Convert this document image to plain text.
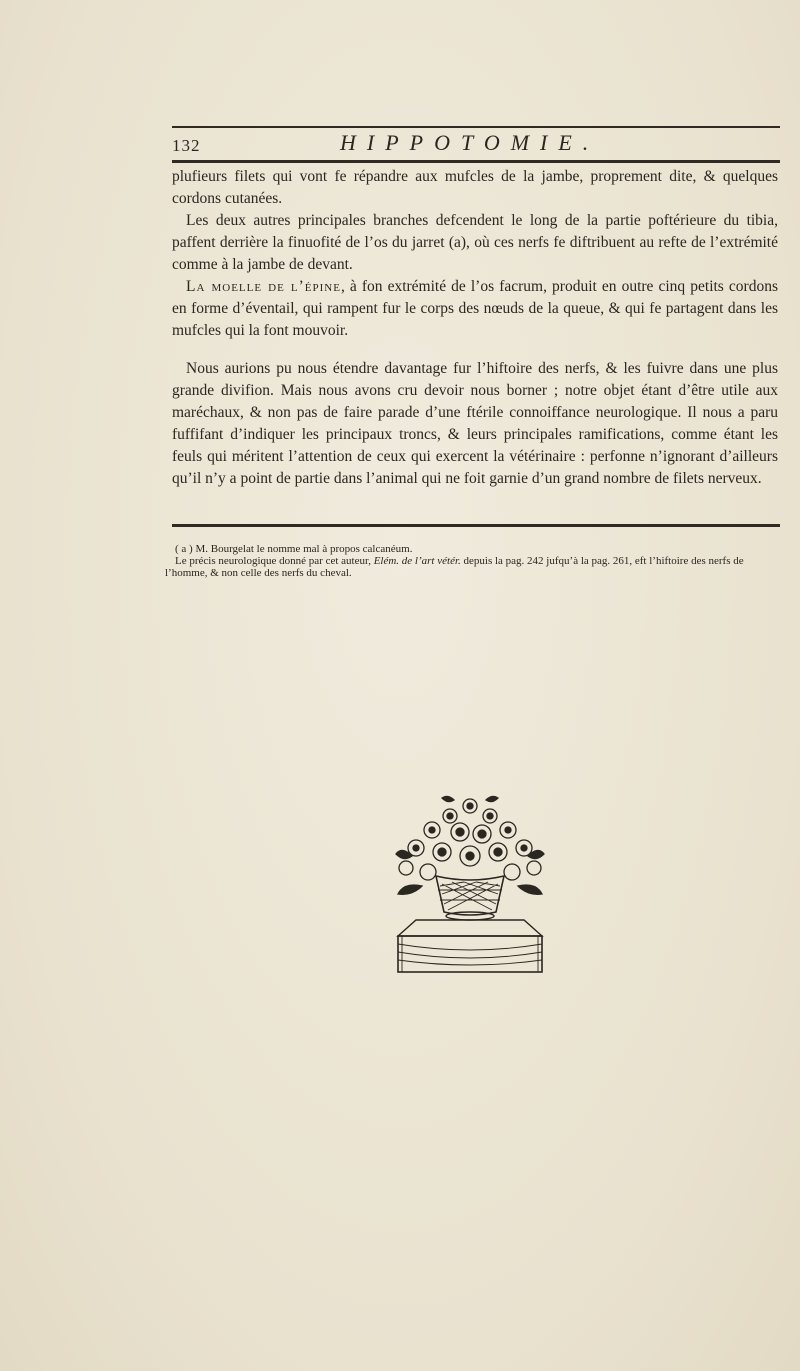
132	HIPPOTOMIE.

plufieurs filets qui vont fe répandre aux mufcles de la jambe, proprement dite, & quelques cordons cutanées.

Les deux autres principales branches defcendent le long de la partie poftérieure du tibia, paffent derrière la finuofité de l’os du jarret (a), où ces nerfs fe diftribuent au refte de l’extrémité comme à la jambe de devant.

La moelle de l’épine, à fon extrémité de l’os facrum, produit en outre cinq petits cordons en forme d’éventail, qui rampent fur le corps des nœuds de la queue, & qui fe partagent dans les mufcles qui la font mouvoir.

Nous aurions pu nous étendre davantage fur l’hiftoire des nerfs, & les fuivre dans une plus grande divifion. Mais nous avons cru devoir nous borner ; notre objet étant d’être utile aux maréchaux, & non pas de faire parade d’une ftérile connoiffance neurologique. Il nous a paru fuffifant d’indiquer les principaux troncs, & leurs principales ramifications, comme étant les feuls qui méritent l’attention de ceux qui exercent la vétérinaire : perfonne n’ignorant d’ailleurs qu’il n’y a point de partie dans l’animal qui ne foit garnie d’un grand nombre de filets nerveux.

( a ) M. Bourgelat le nomme mal à propos calcanéum.

Le précis neurologique donné par cet auteur, Elém. de l’art vétér. depuis la pag. 242 jufqu’à la pag. 261, eft l’hiftoire des nerfs de l’homme, & non celle des nerfs du cheval.
